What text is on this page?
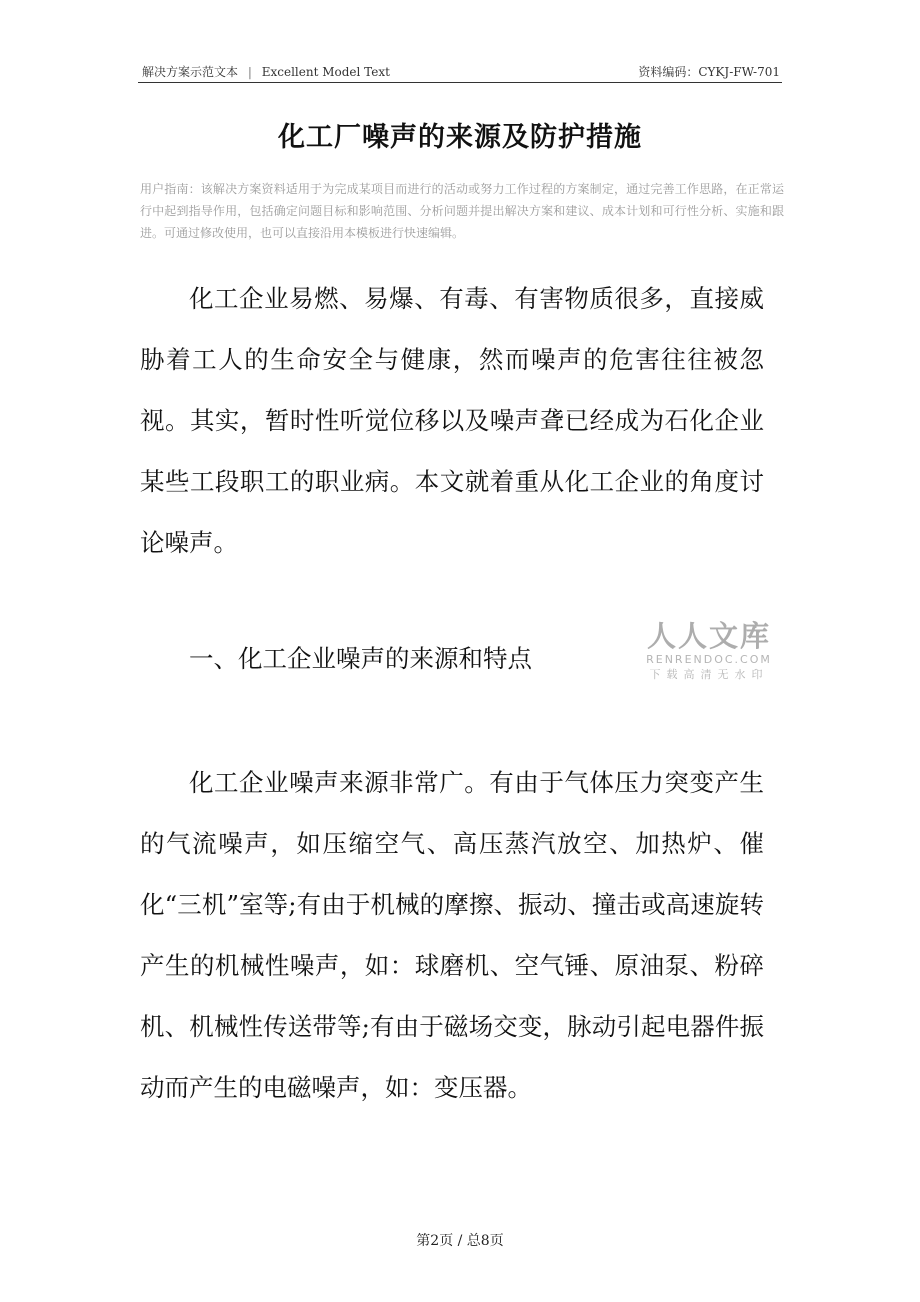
解决方案示范文本 | Excellent Model Text	资料编码：CYKJ-FW-701
化工厂噪声的来源及防护措施
用户指南：该解决方案资料适用于为完成某项目而进行的活动或努力工作过程的方案制定，通过完善工作思路，在正常运行中起到指导作用，包括确定问题目标和影响范围、分析问题并提出解决方案和建议、成本计划和可行性分析、实施和跟进。可通过修改使用，也可以直接沿用本模板进行快速编辑。

化工企业易燃、易爆、有毒、有害物质很多，直接威胁着工人的生命安全与健康，然而噪声的危害往往被忽视。其实，暂时性听觉位移以及噪声聋已经成为石化企业某些工段职工的职业病。本文就着重从化工企业的角度讨论噪声。

一、化工企业噪声的来源和特点

人人文库
RENRENDOC.COM
下载高清无水印

化工企业噪声来源非常广。有由于气体压力突变产生的气流噪声，如压缩空气、高压蒸汽放空、加热炉、催化“三机”室等;有由于机械的摩擦、振动、撞击或高速旋转产生的机械性噪声，如：球磨机、空气锤、原油泵、粉碎机、机械性传送带等;有由于磁场交变，脉动引起电器件振动而产生的电磁噪声，如：变压器。

第2页 / 总8页
